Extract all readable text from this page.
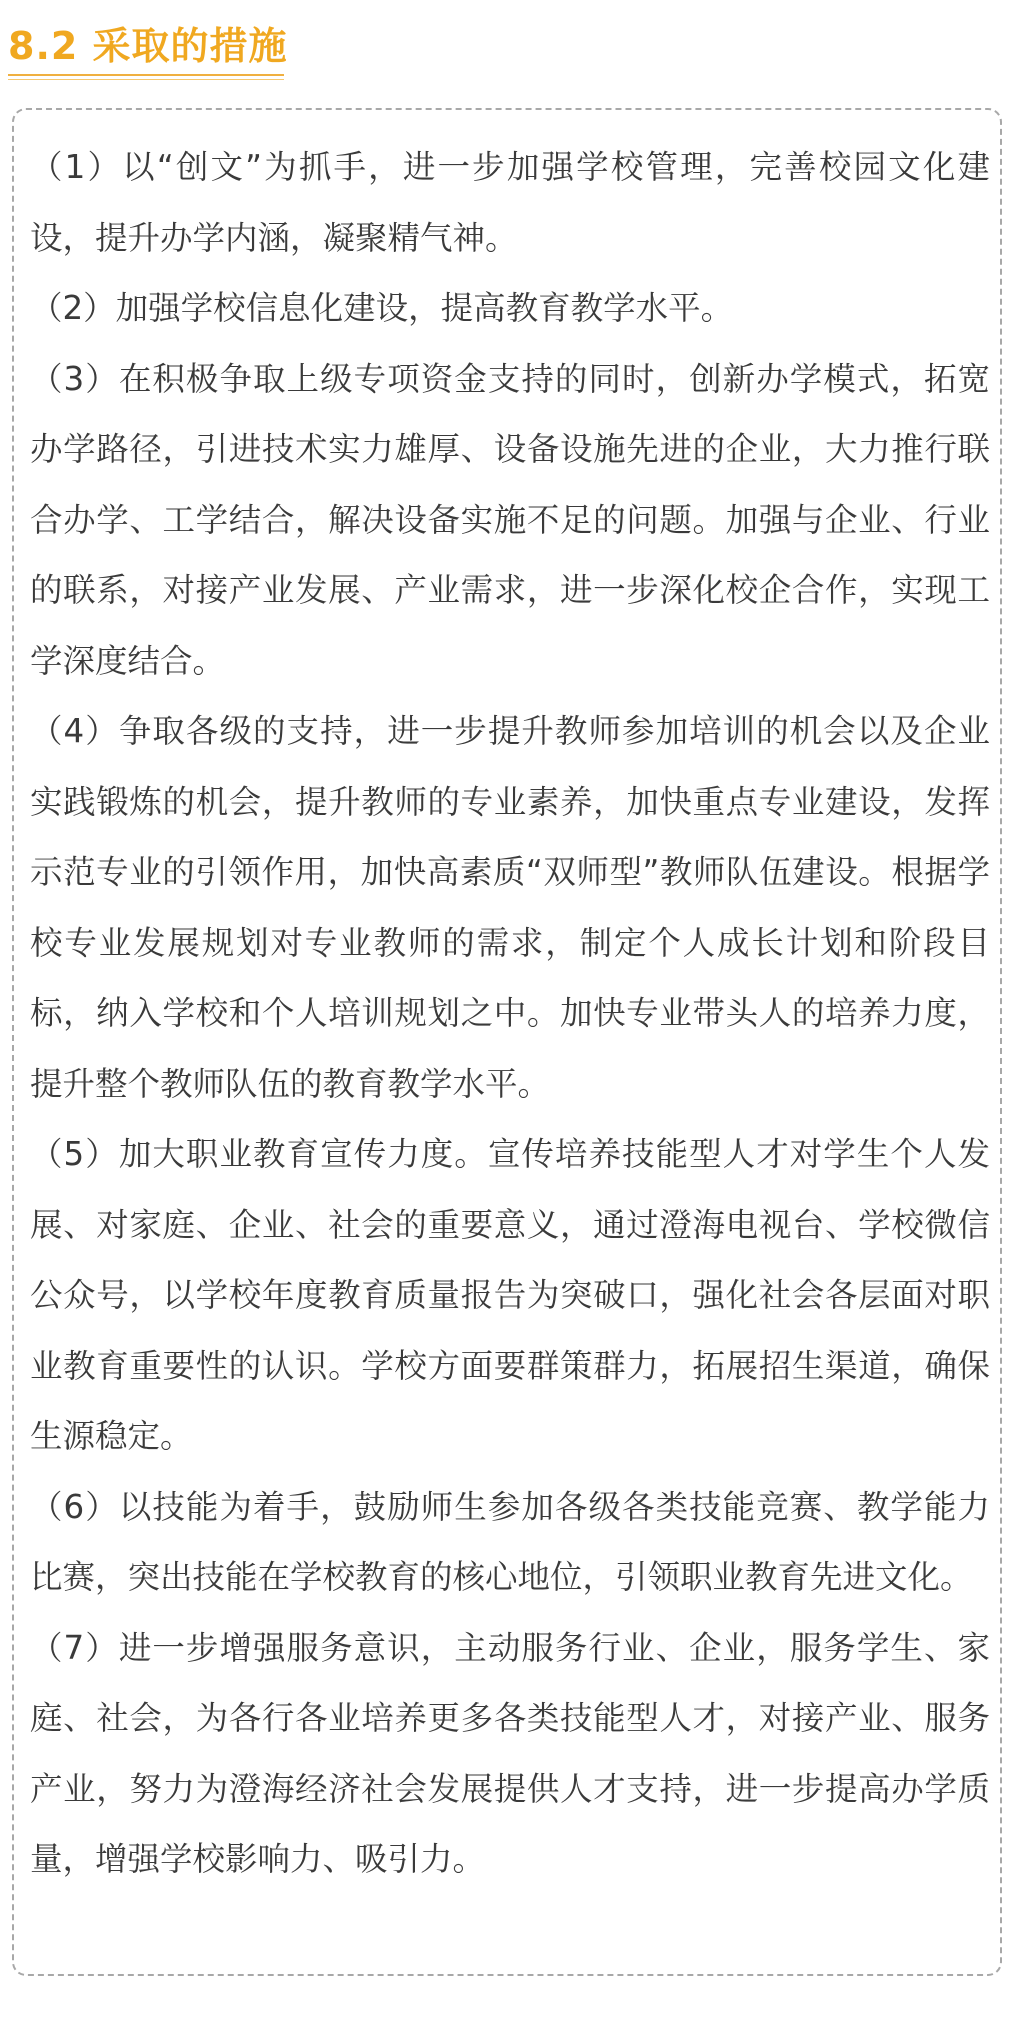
8.2 采取的措施

（1）以“创文”为抓手，进一步加强学校管理，完善校园文化建设，提升办学内涵，凝聚精气神。

（2）加强学校信息化建设，提高教育教学水平。

（3）在积极争取上级专项资金支持的同时，创新办学模式，拓宽办学路径，引进技术实力雄厚、设备设施先进的企业，大力推行联合办学、工学结合，解决设备实施不足的问题。加强与企业、行业的联系，对接产业发展、产业需求，进一步深化校企合作，实现工学深度结合。

（4）争取各级的支持，进一步提升教师参加培训的机会以及企业实践锻炼的机会，提升教师的专业素养，加快重点专业建设，发挥示范专业的引领作用，加快高素质“双师型”教师队伍建设。根据学校专业发展规划对专业教师的需求，制定个人成长计划和阶段目标，纳入学校和个人培训规划之中。加快专业带头人的培养力度，提升整个教师队伍的教育教学水平。

（5）加大职业教育宣传力度。宣传培养技能型人才对学生个人发展、对家庭、企业、社会的重要意义，通过澄海电视台、学校微信公众号，以学校年度教育质量报告为突破口，强化社会各层面对职业教育重要性的认识。学校方面要群策群力，拓展招生渠道，确保生源稳定。

（6）以技能为着手，鼓励师生参加各级各类技能竞赛、教学能力比赛，突出技能在学校教育的核心地位，引领职业教育先进文化。

（7）进一步增强服务意识，主动服务行业、企业，服务学生、家庭、社会，为各行各业培养更多各类技能型人才，对接产业、服务产业，努力为澄海经济社会发展提供人才支持，进一步提高办学质量，增强学校影响力、吸引力。
